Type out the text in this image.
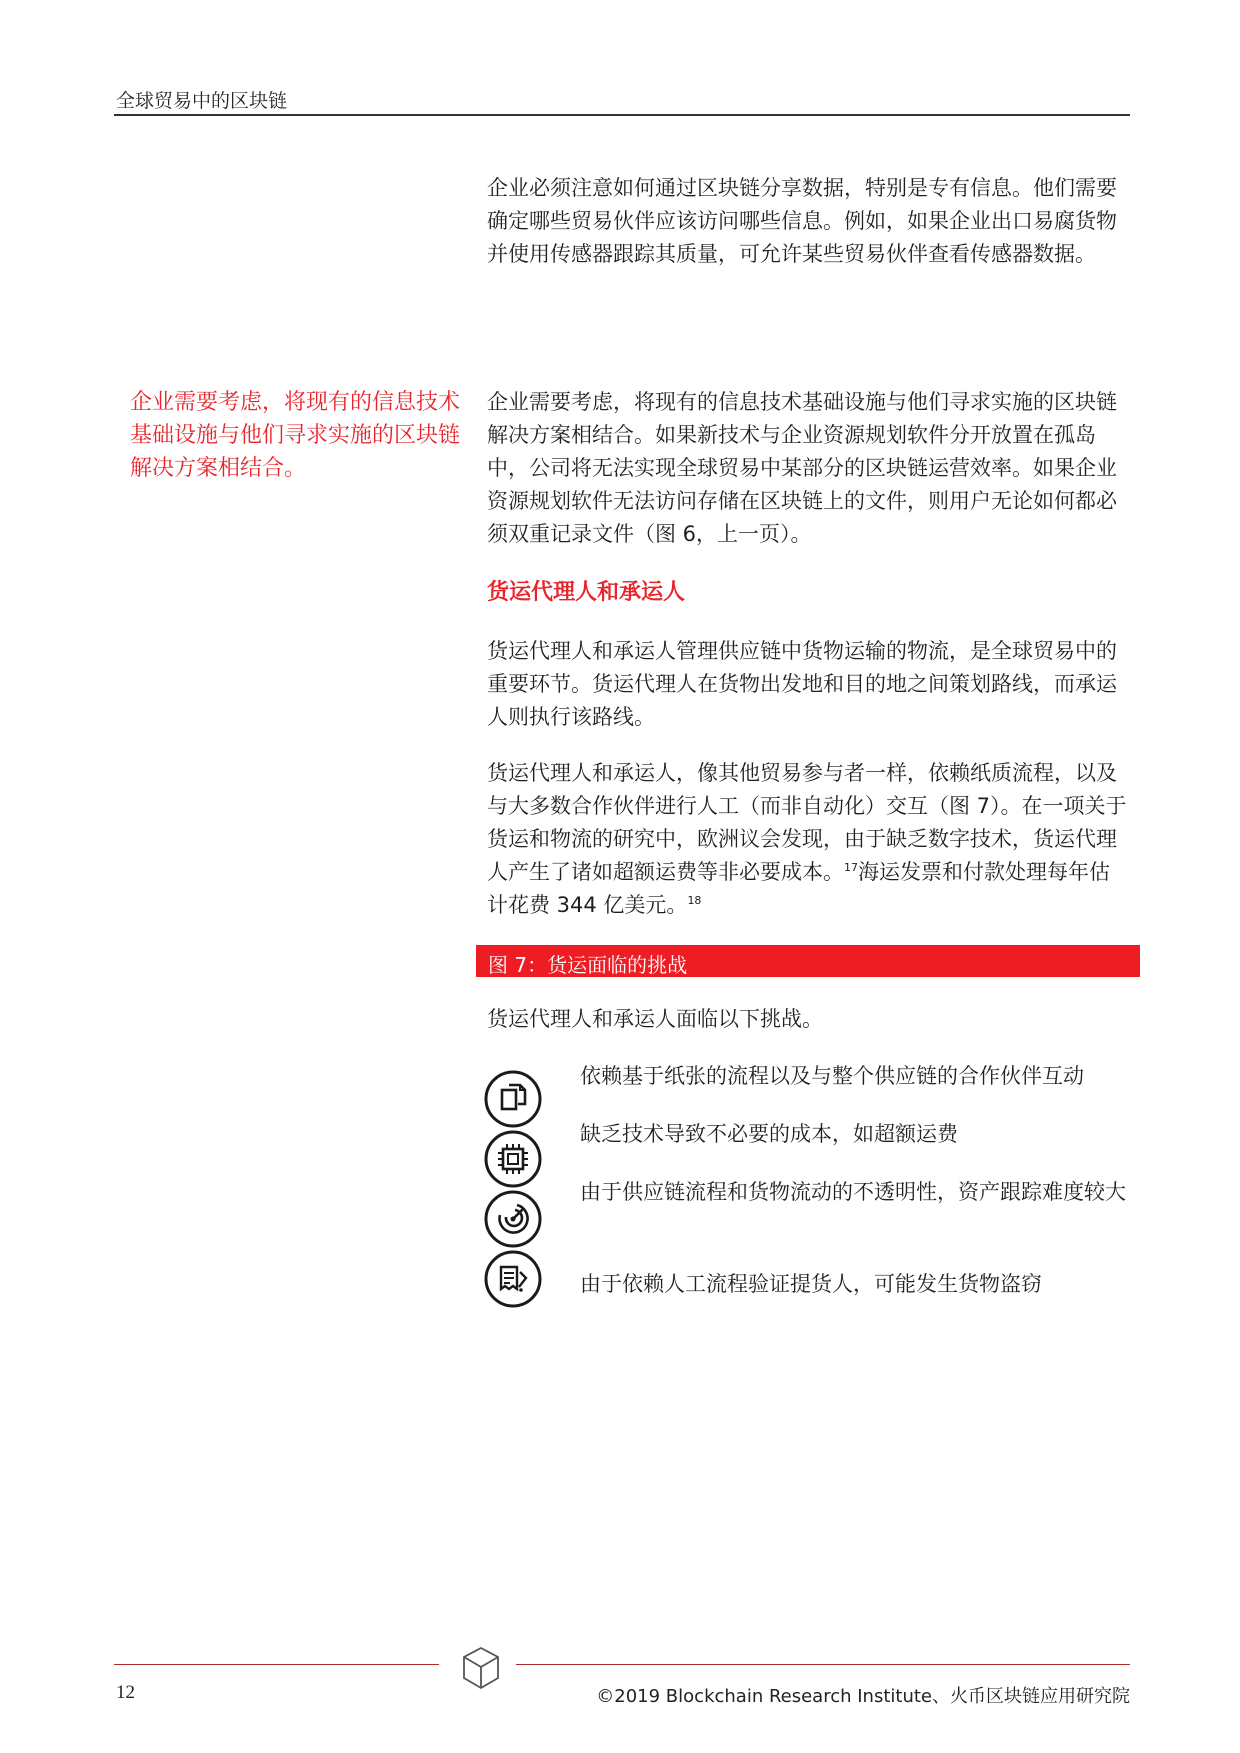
全球贸易中的区块链
企业必须注意如何通过区块链分享数据，特别是专有信息。他们需要确定哪些贸易伙伴应该访问哪些信息。例如，如果企业出口易腐货物并使用传感器跟踪其质量，可允许某些贸易伙伴查看传感器数据。
企业需要考虑，将现有的信息技术基础设施与他们寻求实施的区块链解决方案相结合。
企业需要考虑，将现有的信息技术基础设施与他们寻求实施的区块链解决方案相结合。如果新技术与企业资源规划软件分开放置在孤岛中，公司将无法实现全球贸易中某部分的区块链运营效率。如果企业资源规划软件无法访问存储在区块链上的文件，则用户无论如何都必须双重记录文件（图 6，上一页）。
货运代理人和承运人
货运代理人和承运人管理供应链中货物运输的物流，是全球贸易中的重要环节。货运代理人在货物出发地和目的地之间策划路线，而承运人则执行该路线。
货运代理人和承运人，像其他贸易参与者一样，依赖纸质流程，以及与大多数合作伙伴进行人工（而非自动化）交互（图 7）。在一项关于货运和物流的研究中，欧洲议会发现，由于缺乏数字技术，货运代理人产生了诸如超额运费等非必要成本。$^{17}$海运发票和付款处理每年估计花费 344 亿美元。$^{18}$
图 7：货运面临的挑战
货运代理人和承运人面临以下挑战。
依赖基于纸张的流程以及与整个供应链的合作伙伴互动
缺乏技术导致不必要的成本，如超额运费
由于供应链流程和货物流动的不透明性，资产跟踪难度较大
由于依赖人工流程验证提货人，可能发生货物盗窃
12	©2019 Blockchain Research Institute、火币区块链应用研究院
